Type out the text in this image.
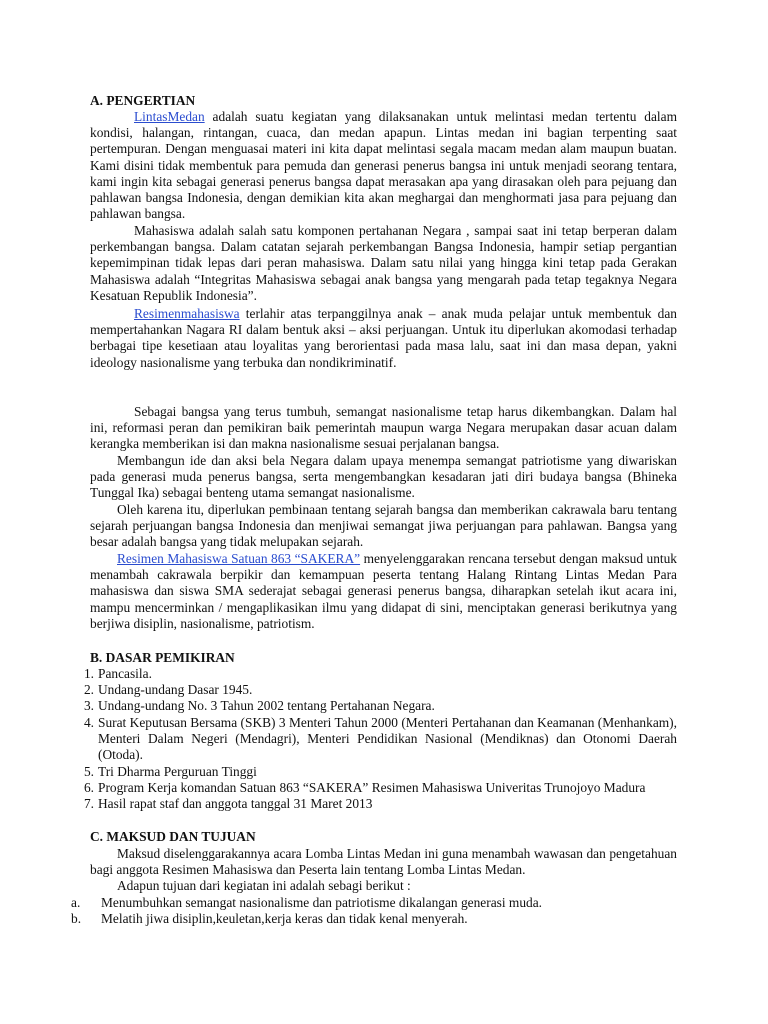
A. PENGERTIAN
LintasMedan adalah suatu kegiatan yang dilaksanakan untuk melintasi medan tertentu dalam kondisi, halangan, rintangan, cuaca, dan medan apapun. Lintas medan ini bagian terpenting saat pertempuran. Dengan menguasai materi ini kita dapat melintasi segala macam medan alam maupun buatan. Kami disini tidak membentuk para pemuda dan generasi penerus bangsa ini untuk menjadi seorang tentara, kami ingin kita sebagai generasi penerus bangsa dapat merasakan apa yang dirasakan oleh para pejuang dan pahlawan bangsa Indonesia, dengan demikian kita akan meghargai dan menghormati jasa para pejuang dan pahlawan bangsa.
Mahasiswa adalah salah satu komponen pertahanan Negara , sampai saat ini tetap berperan dalam perkembangan bangsa. Dalam catatan sejarah perkembangan Bangsa Indonesia, hampir setiap pergantian kepemimpinan tidak lepas dari peran mahasiswa. Dalam satu nilai yang hingga kini tetap pada Gerakan Mahasiswa adalah “Integritas Mahasiswa sebagai anak bangsa yang mengarah pada tetap tegaknya Negara Kesatuan Republik Indonesia”.
Resimenmahasiswa terlahir atas terpanggilnya anak – anak muda pelajar untuk membentuk dan mempertahankan Nagara RI dalam bentuk aksi – aksi perjuangan. Untuk itu diperlukan akomodasi terhadap berbagai tipe kesetiaan atau loyalitas yang berorientasi pada masa lalu, saat ini dan masa depan, yakni ideology nasionalisme yang terbuka dan nondikriminatif.
Sebagai bangsa yang terus tumbuh, semangat nasionalisme tetap harus dikembangkan. Dalam hal ini, reformasi peran dan pemikiran baik pemerintah maupun warga Negara merupakan dasar acuan dalam kerangka memberikan isi dan makna nasionalisme sesuai perjalanan bangsa.
Membangun ide dan aksi bela Negara dalam upaya menempa semangat patriotisme yang diwariskan pada generasi muda penerus bangsa, serta mengembangkan kesadaran jati diri budaya bangsa (Bhineka Tunggal Ika) sebagai benteng utama semangat nasionalisme.
Oleh karena itu, diperlukan pembinaan tentang sejarah bangsa dan memberikan cakrawala baru tentang sejarah perjuangan bangsa Indonesia dan menjiwai semangat jiwa perjuangan para pahlawan. Bangsa yang besar adalah bangsa yang tidak melupakan sejarah.
Resimen Mahasiswa Satuan 863 “SAKERA” menyelenggarakan rencana tersebut dengan maksud untuk menambah cakrawala berpikir dan kemampuan peserta tentang Halang Rintang Lintas Medan Para mahasiswa dan siswa SMA sederajat sebagai generasi penerus bangsa, diharapkan setelah ikut acara ini, mampu mencerminkan / mengaplikasikan ilmu yang didapat di sini, menciptakan generasi berikutnya yang berjiwa disiplin, nasionalisme, patriotism.
B. DASAR PEMIKIRAN
1. Pancasila.
2. Undang-undang Dasar 1945.
3. Undang-undang No. 3 Tahun 2002 tentang Pertahanan Negara.
4. Surat Keputusan Bersama (SKB) 3 Menteri Tahun 2000 (Menteri Pertahanan dan Keamanan (Menhankam), Menteri Dalam Negeri (Mendagri), Menteri Pendidikan Nasional (Mendiknas) dan Otonomi Daerah (Otoda).
5. Tri Dharma Perguruan Tinggi
6. Program Kerja komandan Satuan 863 “SAKERA” Resimen Mahasiswa Univeritas Trunojoyo Madura
7. Hasil rapat staf dan anggota tanggal 31 Maret 2013
C. MAKSUD DAN TUJUAN
Maksud diselenggarakannya acara Lomba Lintas Medan ini guna menambah wawasan dan pengetahuan bagi anggota Resimen Mahasiswa dan Peserta lain tentang Lomba Lintas Medan.
Adapun tujuan dari kegiatan ini adalah sebagi berikut :
a. Menumbuhkan semangat nasionalisme dan patriotisme dikalangan generasi muda.
b. Melatih jiwa disiplin,keuletan,kerja keras dan tidak kenal menyerah.
